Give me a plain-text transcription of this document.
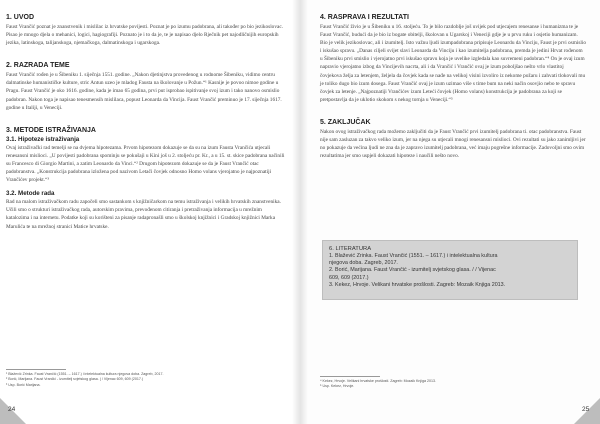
1. UVOD

Faust Vrančić poznat je znanstvenik i mislilac iz hrvatske povijesti. Poznat je po izumu padobrana, ali također po bio jezikoslovac. Pisao je mnogo djela o mehanici, logici, hagiografiji. Poznato je i to da je, te je napisao djelo Rječnik pet najodličnijih europskih jezika, latinskoga, talijanskoga, njemačkoga, dalmatinskoga i ugarskoga.

2. RAZRADA TEME

Faust Vrančić rođen je u Šibeniku 1. siječnja 1551. godine. „Nakon djetinjstva provedenog u rodnome Šibeniku, vidimo centru dalmatinske humanističke kulture, stric Antun uzeo je mladog Fausta na školovanje u Požun.“¹ Kasnije je povoo nimoe godine u Pragu. Faust Vrančić je oko 1616. godine, kada je imao 65 godina, prvi put isprobao ispitivanje svoj izum i tako nanovo osmislio padobran. Nakon toga je napisao tenesmensih mislilaca, popust Leonarda da Vincija. Faust Vrančić preminuo je 17. siječnja 1617. godine u Italiji, u Veneciji.

3. METODE ISTRAŽIVANJA
3.1. Hipoteze istraživanja

Ovaj istraživački rad temelji se na dvjema hipotezama. Prvom hipotezom dokazuje se da su na izum Fausta Vrančića utjecali renesansni mislioci. „U povijesti padobrana spominju se pokušaji u Kini još u 2. stoljeću pr. Kr., a u 15. st. skice padobrana načinili su Francesco di Giorgio Martini, a zatim Leonardo da Vinci.“² Drugom hipotezom dokazuje se da je Faust Vrančić otac padobranstva. „Konstrukcija padobrana izložena pod nazivom Letači čovjek odnosno Homo volans vjerojatno je najpoznatiji Vrančićev projekt.“³

3.2. Metode rada

Rad na malom istraživačkom radu započeli smo sastankom s knjižničarkom na temu istraživanja i velikih hrvatskih znanstvenika. Učili smo o strukturi istraživačkog rada, autorskim pravima, prevođenom citiranja i pretraživanja informacija u mrežnim katalozima i na internetu. Podatke koji su korišteni za pisanje radapronašli smo u školskoj knjižnici i Gradskoj knjižnici Marka Marulića te na mrežnoj stranici Matice hrvatske.

¹ Blažević Zrinka. Faust Vrančić (1551. – 1617.) i intelektualna kultura njegova doba. Zagreb, 2017.
² Borić, Marijana. Faust Vrančić - izumitelj svjetskog glasa. ( / Vijenac 609, 609 (2017.)
³ Usp. Borić Marijana.
24
4. RASPRAVA I REZULTATI

Faust Vrančić živio je u Šibeniku u 16. stoljeću. To je bilo razdoblje još uvijek pod utjecajem renesanse i humanizma te je Faust Vrančić, budući da je bio iz bogate obitelji, školovan u Ugarskoj i Veneciji gdje je u prvu ruku i osjetio humanizam. Bio je velik jezikoslovac, ali i izumitelj. Isto važnu ljudi izumpadobrana pripisuje Leonardu da Vinciju, Faust je prvi osmislio i iskušao spravu. „Danas ciljeli svijet slavi Leonarda da Vinciju i kao izumitelja padobrana, premda je jedini Hrvat rođenom u Šibeniku prvi smislio i vjerojatno prvi iskušao spravu koja je uvelike izgledala kao suvremeni padobran.“⁴ On je ovaj izum napravio vjerojatno izbog da Vincijevih nacrta, ali i da Vrančić i Vrančić ovaj je izum poboljšao nešto vrlo vlastitoj čovjekova želja za letenjem, željela da čovjek kada se nađe na velikoj visini izvoliro iz nekome požaru i zahvati tlokovali mu je toliko dugo bio izum dosega. Faust Vrančić ovaj je izum uzimao više s time bum na neki način osovjio nebo te spravu čovjek za letenje. „Najpoznatiji Vrančićev izum Leteći čovjek (Homo volans) konstrukcija je padobrana za koji se pretpostavlja da je uklotio skokom s nekog tornja u Veneciji.“⁵

5. ZAKLJUČAK

Nakon ovog istraživačkog rada možemo zaključiti da je Faust Vrančić prvi izumitelj padobrana ti. otac padobranstva. Faust nije sam zasluzan za takvo veliko izum, jer na njega su utjecali mnogi renesansni mislioci. Ovi rezultati su jako zanimljivi jer no pokazuje da većina ljudi ne zna da je zapravo izumitelj padobrana, već imaju pogrešne informacije. Zadovoljni smo ovim rezultatima jer smo uspjeli dokazati hipoteze i naučili nešto novo.

6. LITERATURA

1. Blažević Zrinka. Faust Vrančić (1551. – 1617.) i intelektualna kultura

njegova doba. Zagreb, 2017.

2. Borić, Marijana. Faust Vrančić - izumitelj svjetskog glasa. / / Vijenac

609, 609 (2017.)

3. Kekez, Hrvoje. Velikani hrvatske prošlosti. Zagreb: Mozaik Knjiga 2013.

⁴ Kekez, Hrvoje. Velikani hrvatske prošlosti. Zagreb: Mozaik Knjiga 2013.
⁵ Usp. Kekez, Hrvoje.
25
